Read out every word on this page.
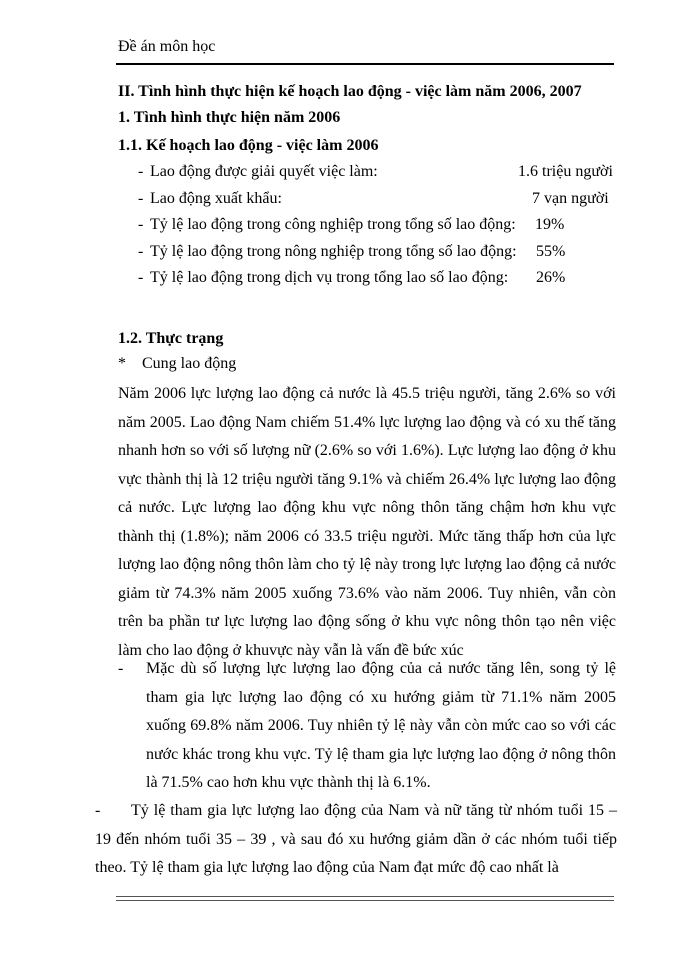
Đề án môn học
II. Tình hình thực hiện kế hoạch lao động - việc làm năm 2006, 2007
1. Tình hình thực hiện năm 2006
1.1. Kế hoạch lao động - việc làm 2006
- Lao động được giải quyết việc làm:	1.6 triệu người
- Lao động xuất khẩu:	7 vạn người
- Tỷ lệ lao động trong công nghiệp trong tổng số lao động: 19%
- Tỷ lệ lao động trong nông nghiệp trong tổng số lao động: 55%
- Tỷ lệ lao động trong dịch vụ trong tổng lao số lao động: 26%
1.2. Thực trạng
* Cung lao động
Năm 2006 lực lượng lao động cả nước là 45.5 triệu người, tăng 2.6% so với năm 2005. Lao động Nam chiếm 51.4% lực lượng lao động và có xu thế tăng nhanh hơn so với số lượng nữ (2.6% so với 1.6%). Lực lượng lao động ở khu vực thành thị là 12 triệu người tăng 9.1% và chiếm 26.4% lực lượng lao động cả nước. Lực lượng lao động khu vực nông thôn tăng chậm hơn khu vực thành thị (1.8%); năm 2006 có 33.5 triệu người. Mức tăng thấp hơn của lực lượng lao động nông thôn làm cho tỷ lệ này trong lực lượng lao động cả nước giảm từ 74.3% năm 2005 xuống 73.6% vào năm 2006. Tuy nhiên, vẫn còn trên ba phần tư lực lượng lao động sống ở khu vực nông thôn tạo nên việc làm cho lao động ở khuvực này vẫn là vấn đề bức xúc
- Mặc dù số lượng lực lượng lao động của cả nước tăng lên, song tỷ lệ tham gia lực lượng lao động có xu hướng giảm từ 71.1% năm 2005 xuống 69.8% năm 2006. Tuy nhiên tỷ lệ này vẫn còn mức cao so với các nước khác trong khu vực. Tỷ lệ tham gia lực lượng lao động ở nông thôn là 71.5% cao hơn khu vực thành thị là 6.1%.
-	Tỷ lệ tham gia lực lượng lao động của Nam và nữ tăng từ nhóm tuổi 15 – 19 đến nhóm tuổi 35 – 39 , và sau đó xu hướng giảm dần ở các nhóm tuổi tiếp theo. Tỷ lệ tham gia lực lượng lao động của Nam đạt mức độ cao nhất là
